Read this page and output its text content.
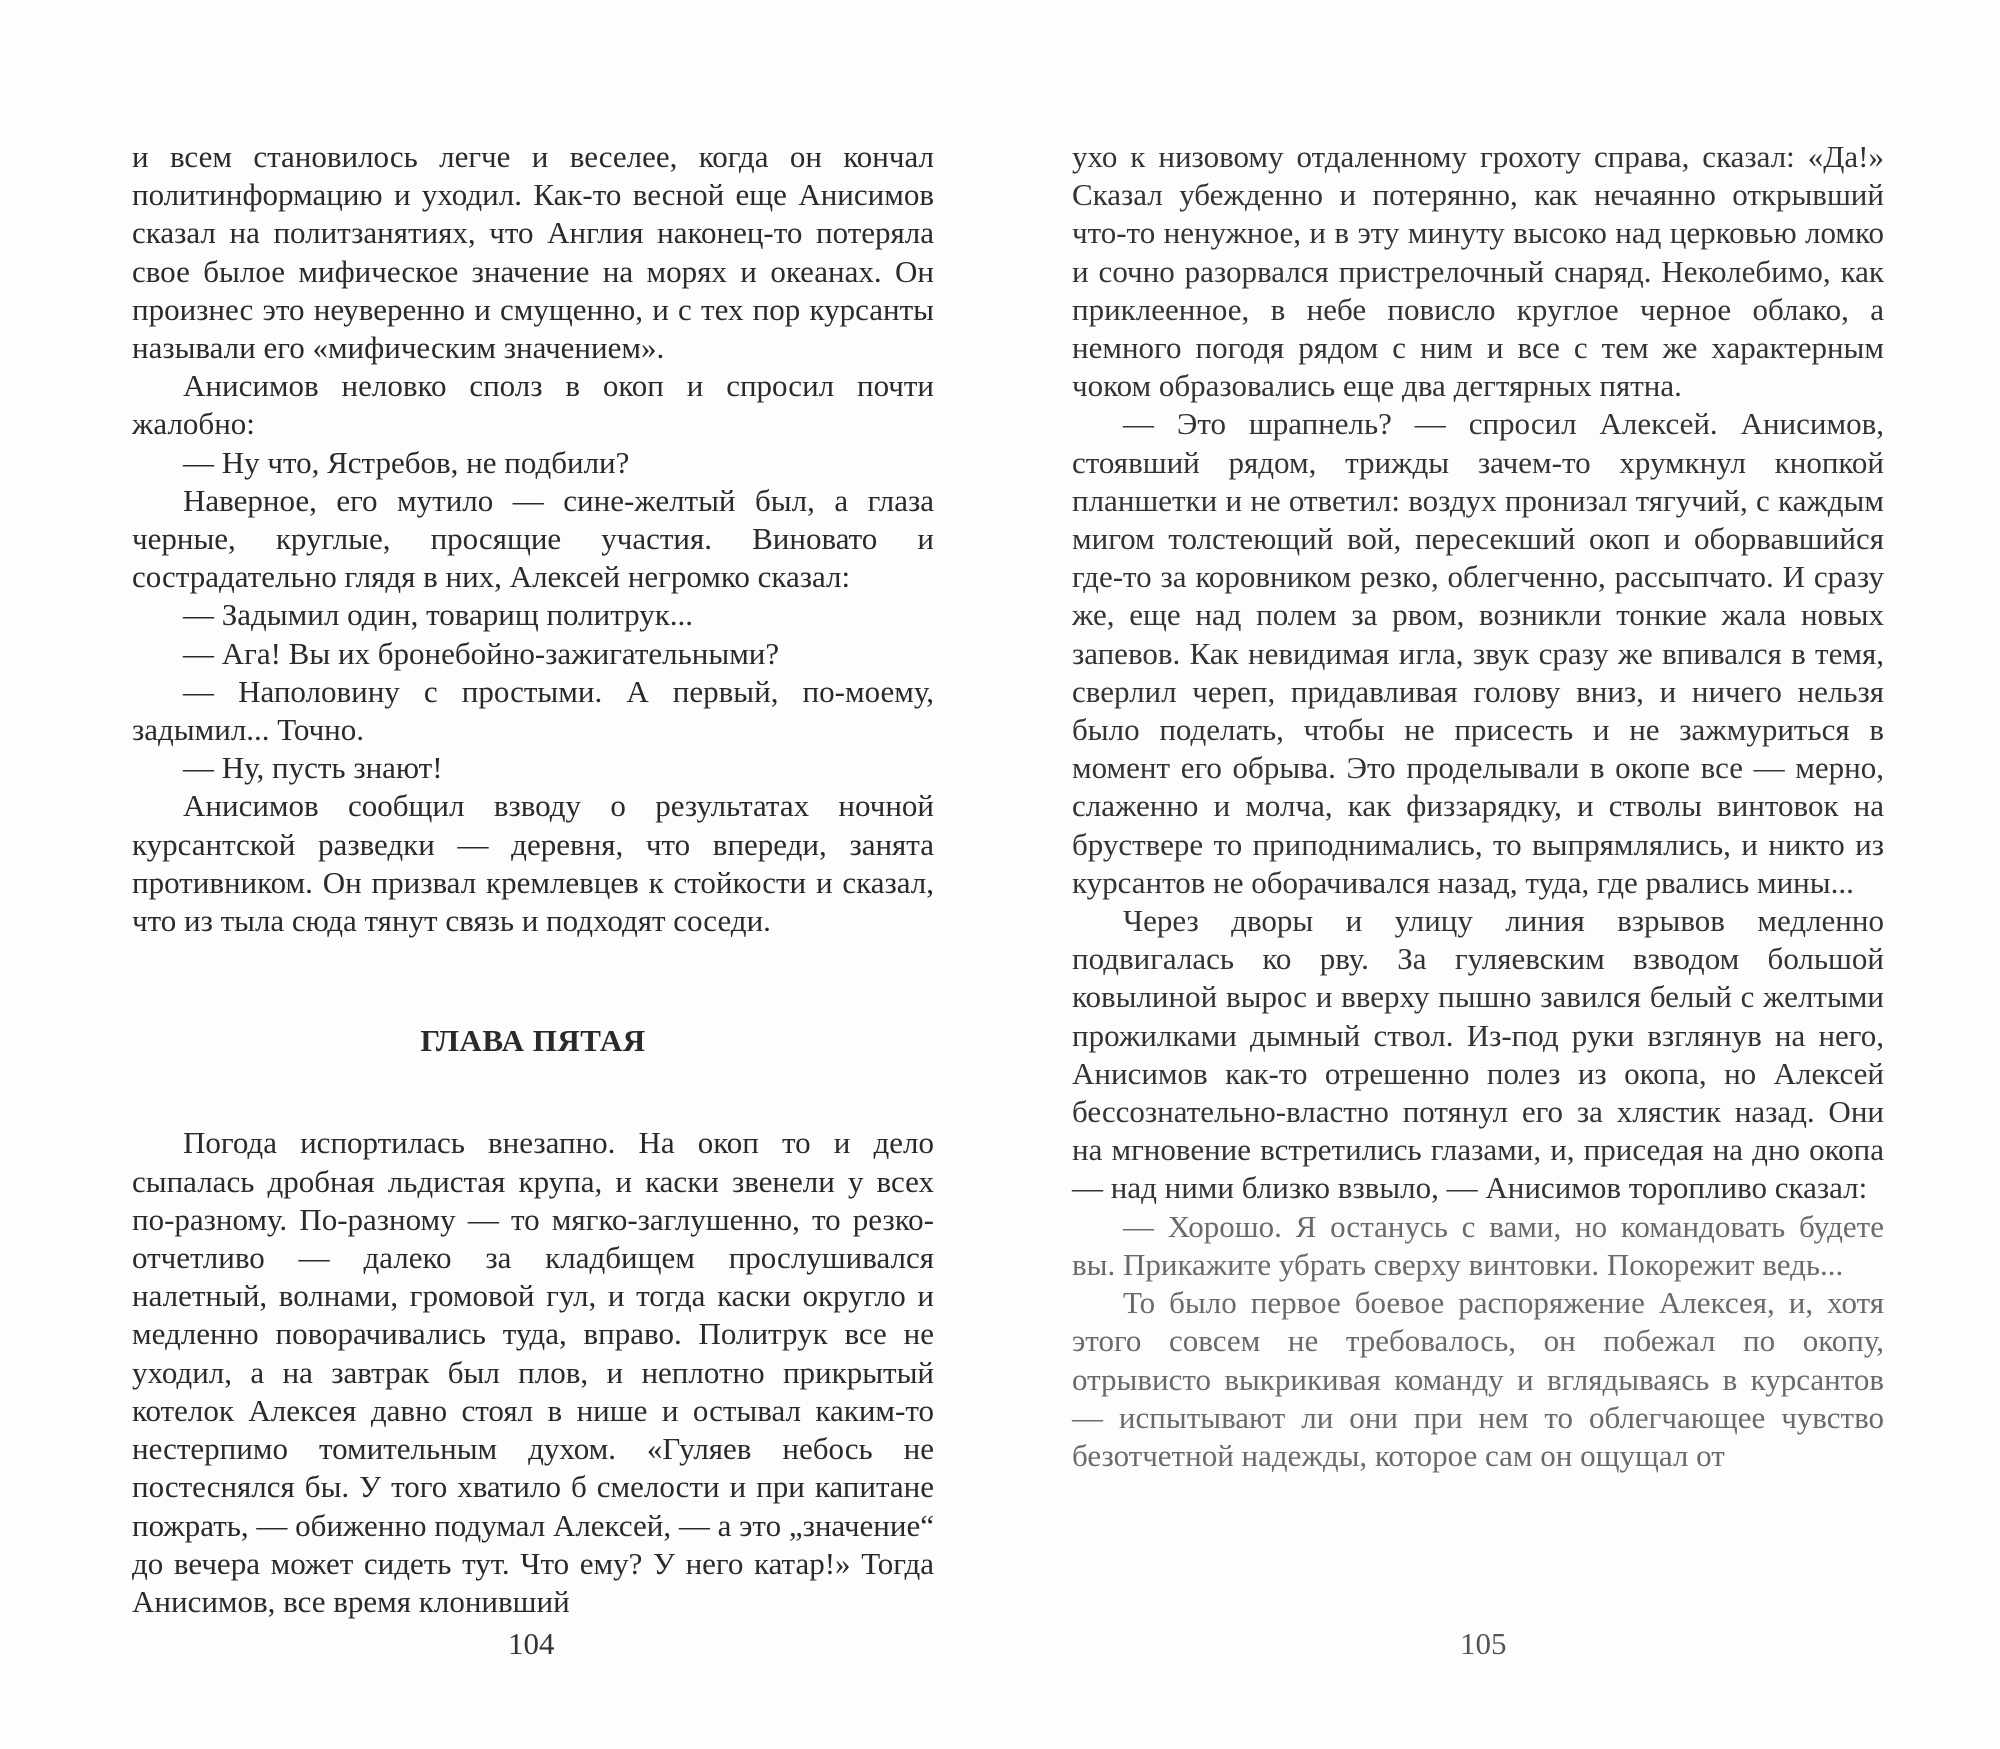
и всем становилось легче и веселее, когда он кончал политинформацию и уходил. Как-то весной еще Анисимов сказал на политзанятиях, что Англия наконец-то потеряла свое былое мифическое значение на морях и океанах. Он произнес это неуверенно и смущенно, и с тех пор курсанты называли его «мифическим значением».

Анисимов неловко сполз в окоп и спросил почти жалобно:

— Ну что, Ястребов, не подбили?

Наверное, его мутило — сине-желтый был, а глаза черные, круглые, просящие участия. Виновато и сострадательно глядя в них, Алексей негромко сказал:

— Задымил один, товарищ политрук...

— Ага! Вы их бронебойно-зажигательными?

— Наполовину с простыми. А первый, по-моему, задымил... Точно.

— Ну, пусть знают!

Анисимов сообщил взводу о результатах ночной курсантской разведки — деревня, что впереди, занята противником. Он призвал кремлевцев к стойкости и сказал, что из тыла сюда тянут связь и подходят соседи.

ГЛАВА ПЯТАЯ

Погода испортилась внезапно. На окоп то и дело сыпалась дробная льдистая крупа, и каски звенели у всех по-разному. По-разному — то мягко-заглушенно, то резко-отчетливо — далеко за кладбищем прослушивался налетный, волнами, громовой гул, и тогда каски округло и медленно поворачивались туда, вправо. Политрук все не уходил, а на завтрак был плов, и неплотно прикрытый котелок Алексея давно стоял в нише и остывал каким-то нестерпимо томительным духом. «Гуляев небось не постеснялся бы. У того хватило б смелости и при капитане пожрать, — обиженно подумал Алексей, — а это „значение“ до вечера может сидеть тут. Что ему? У него катар!» Тогда Анисимов, все время клонивший

104

ухо к низовому отдаленному грохоту справа, сказал: «Да!» Сказал убежденно и потерянно, как нечаянно открывший что-то ненужное, и в эту минуту высоко над церковью ломко и сочно разорвался пристрелочный снаряд. Неколебимо, как приклеенное, в небе повисло круглое черное облако, а немного погодя рядом с ним и все с тем же характерным чоком образовались еще два дегтярных пятна.

— Это шрапнель? — спросил Алексей. Анисимов, стоявший рядом, трижды зачем-то хрумкнул кнопкой планшетки и не ответил: воздух пронизал тягучий, с каждым мигом толстеющий вой, пересекший окоп и оборвавшийся где-то за коровником резко, облегченно, рассыпчато. И сразу же, еще над полем за рвом, возникли тонкие жала новых запевов. Как невидимая игла, звук сразу же впивался в темя, сверлил череп, придавливая голову вниз, и ничего нельзя было поделать, чтобы не присесть и не зажмуриться в момент его обрыва. Это проделывали в окопе все — мерно, слаженно и молча, как физзарядку, и стволы винтовок на бруствере то приподнимались, то выпрямлялись, и никто из курсантов не оборачивался назад, туда, где рвались мины...

Через дворы и улицу линия взрывов медленно подвигалась ко рву. За гуляевским взводом большой ковылиной вырос и вверху пышно завился белый с желтыми прожилками дымный ствол. Из-под руки взглянув на него, Анисимов как-то отрешенно полез из окопа, но Алексей бессознательно-властно потянул его за хлястик назад. Они на мгновение встретились глазами, и, приседая на дно окопа — над ними близко взвыло, — Анисимов торопливо сказал:

— Хорошо. Я останусь с вами, но командовать будете вы. Прикажите убрать сверху винтовки. Покорежит ведь...

То было первое боевое распоряжение Алексея, и, хотя этого совсем не требовалось, он побежал по окопу, отрывисто выкрикивая команду и вглядываясь в курсантов — испытывают ли они при нем то облегчающее чувство безотчетной надежды, которое сам он ощущал от

105
